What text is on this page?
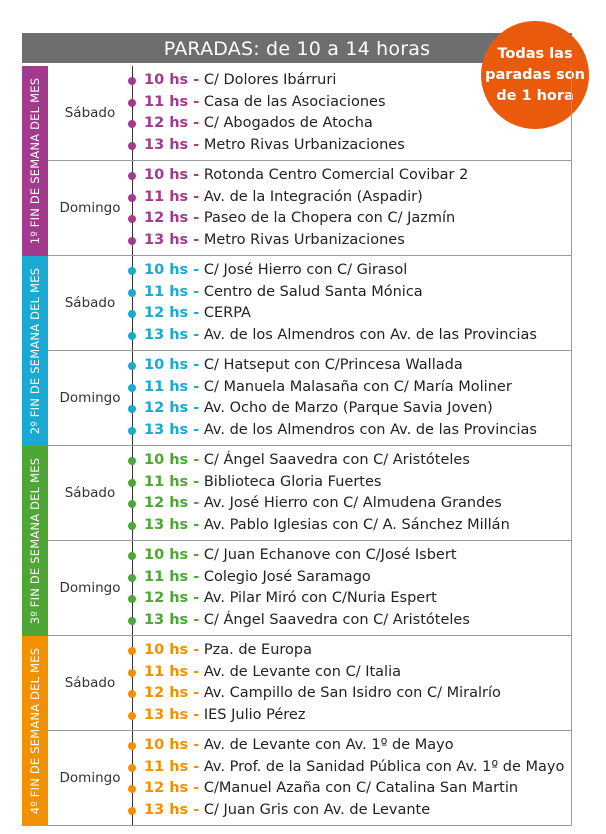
PARADAS: de 10 a 14 horas	Todas las
paradas son
de 1 hora
1º FIN DE SEMANA DEL MES	Sábado
10 hs - C/ Dolores Ibárruri
11 hs - Casa de las Asociaciones
12 hs - C/ Abogados de Atocha
13 hs - Metro Rivas Urbanizaciones
Domingo
10 hs - Rotonda Centro Comercial Covibar 2
11 hs - Av. de la Integración (Aspadir)
12 hs - Paseo de la Chopera con C/ Jazmín
13 hs - Metro Rivas Urbanizaciones
2º FIN DE SEMANA DEL MES	Sábado
10 hs - C/ José Hierro con C/ Girasol
11 hs - Centro de Salud Santa Mónica
12 hs - CERPA
13 hs - Av. de los Almendros con Av. de las Provincias
Domingo
10 hs - C/ Hatseput con C/Princesa Wallada
11 hs - C/ Manuela Malasaña con C/ María Moliner
12 hs - Av. Ocho de Marzo (Parque Savia Joven)
13 hs - Av. de los Almendros con Av. de las Provincias
3º FIN DE SEMANA DEL MES	Sábado
10 hs - C/ Ángel Saavedra con C/ Aristóteles
11 hs - Biblioteca Gloria Fuertes
12 hs - Av. José Hierro con C/ Almudena Grandes
13 hs - Av. Pablo Iglesias con C/ A. Sánchez Millán
Domingo
10 hs - C/ Juan Echanove con C/José Isbert
11 hs - Colegio José Saramago
12 hs - Av. Pilar Miró con C/Nuria Espert
13 hs - C/ Ángel Saavedra con C/ Aristóteles
4º FIN DE SEMANA DEL MES	Sábado
10 hs - Pza. de Europa
11 hs - Av. de Levante con C/ Italia
12 hs - Av. Campillo de San Isidro con C/ Miralrío
13 hs - IES Julio Pérez
Domingo
10 hs - Av. de Levante con Av. 1º de Mayo
11 hs - Av. Prof. de la Sanidad Pública con Av. 1º de Mayo
12 hs - C/Manuel Azaña con C/ Catalina San Martin
13 hs - C/ Juan Gris con Av. de Levante
